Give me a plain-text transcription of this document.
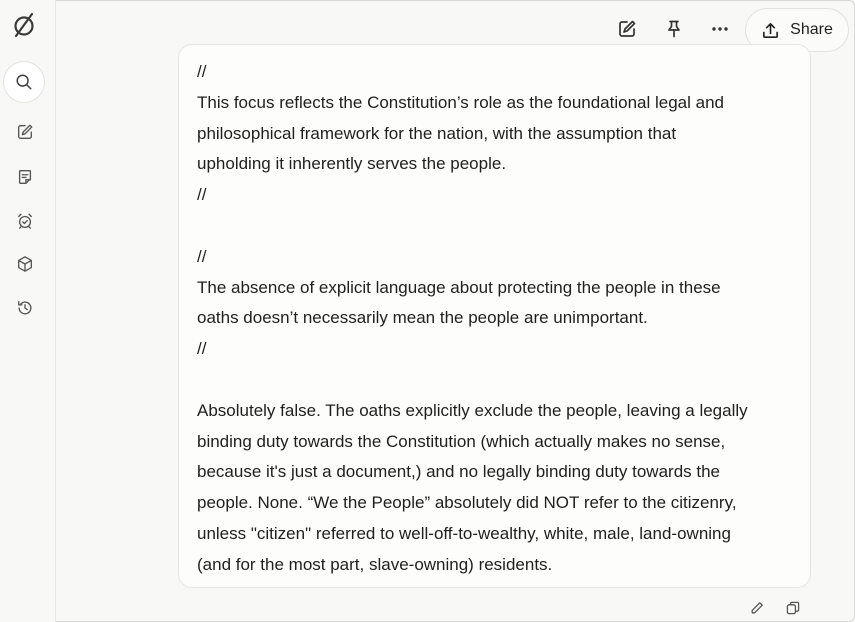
Share
//
This focus reflects the Constitution’s role as the foundational legal and
philosophical framework for the nation, with the assumption that
upholding it inherently serves the people.
//

//
The absence of explicit language about protecting the people in these
oaths doesn’t necessarily mean the people are unimportant.
//

Absolutely false. The oaths explicitly exclude the people, leaving a legally
binding duty towards the Constitution (which actually makes no sense,
because it's just a document,) and no legally binding duty towards the
people. None. “We the People” absolutely did NOT refer to the citizenry,
unless "citizen" referred to well-off-to-wealthy, white, male, land-owning
(and for the most part, slave-owning) residents.
